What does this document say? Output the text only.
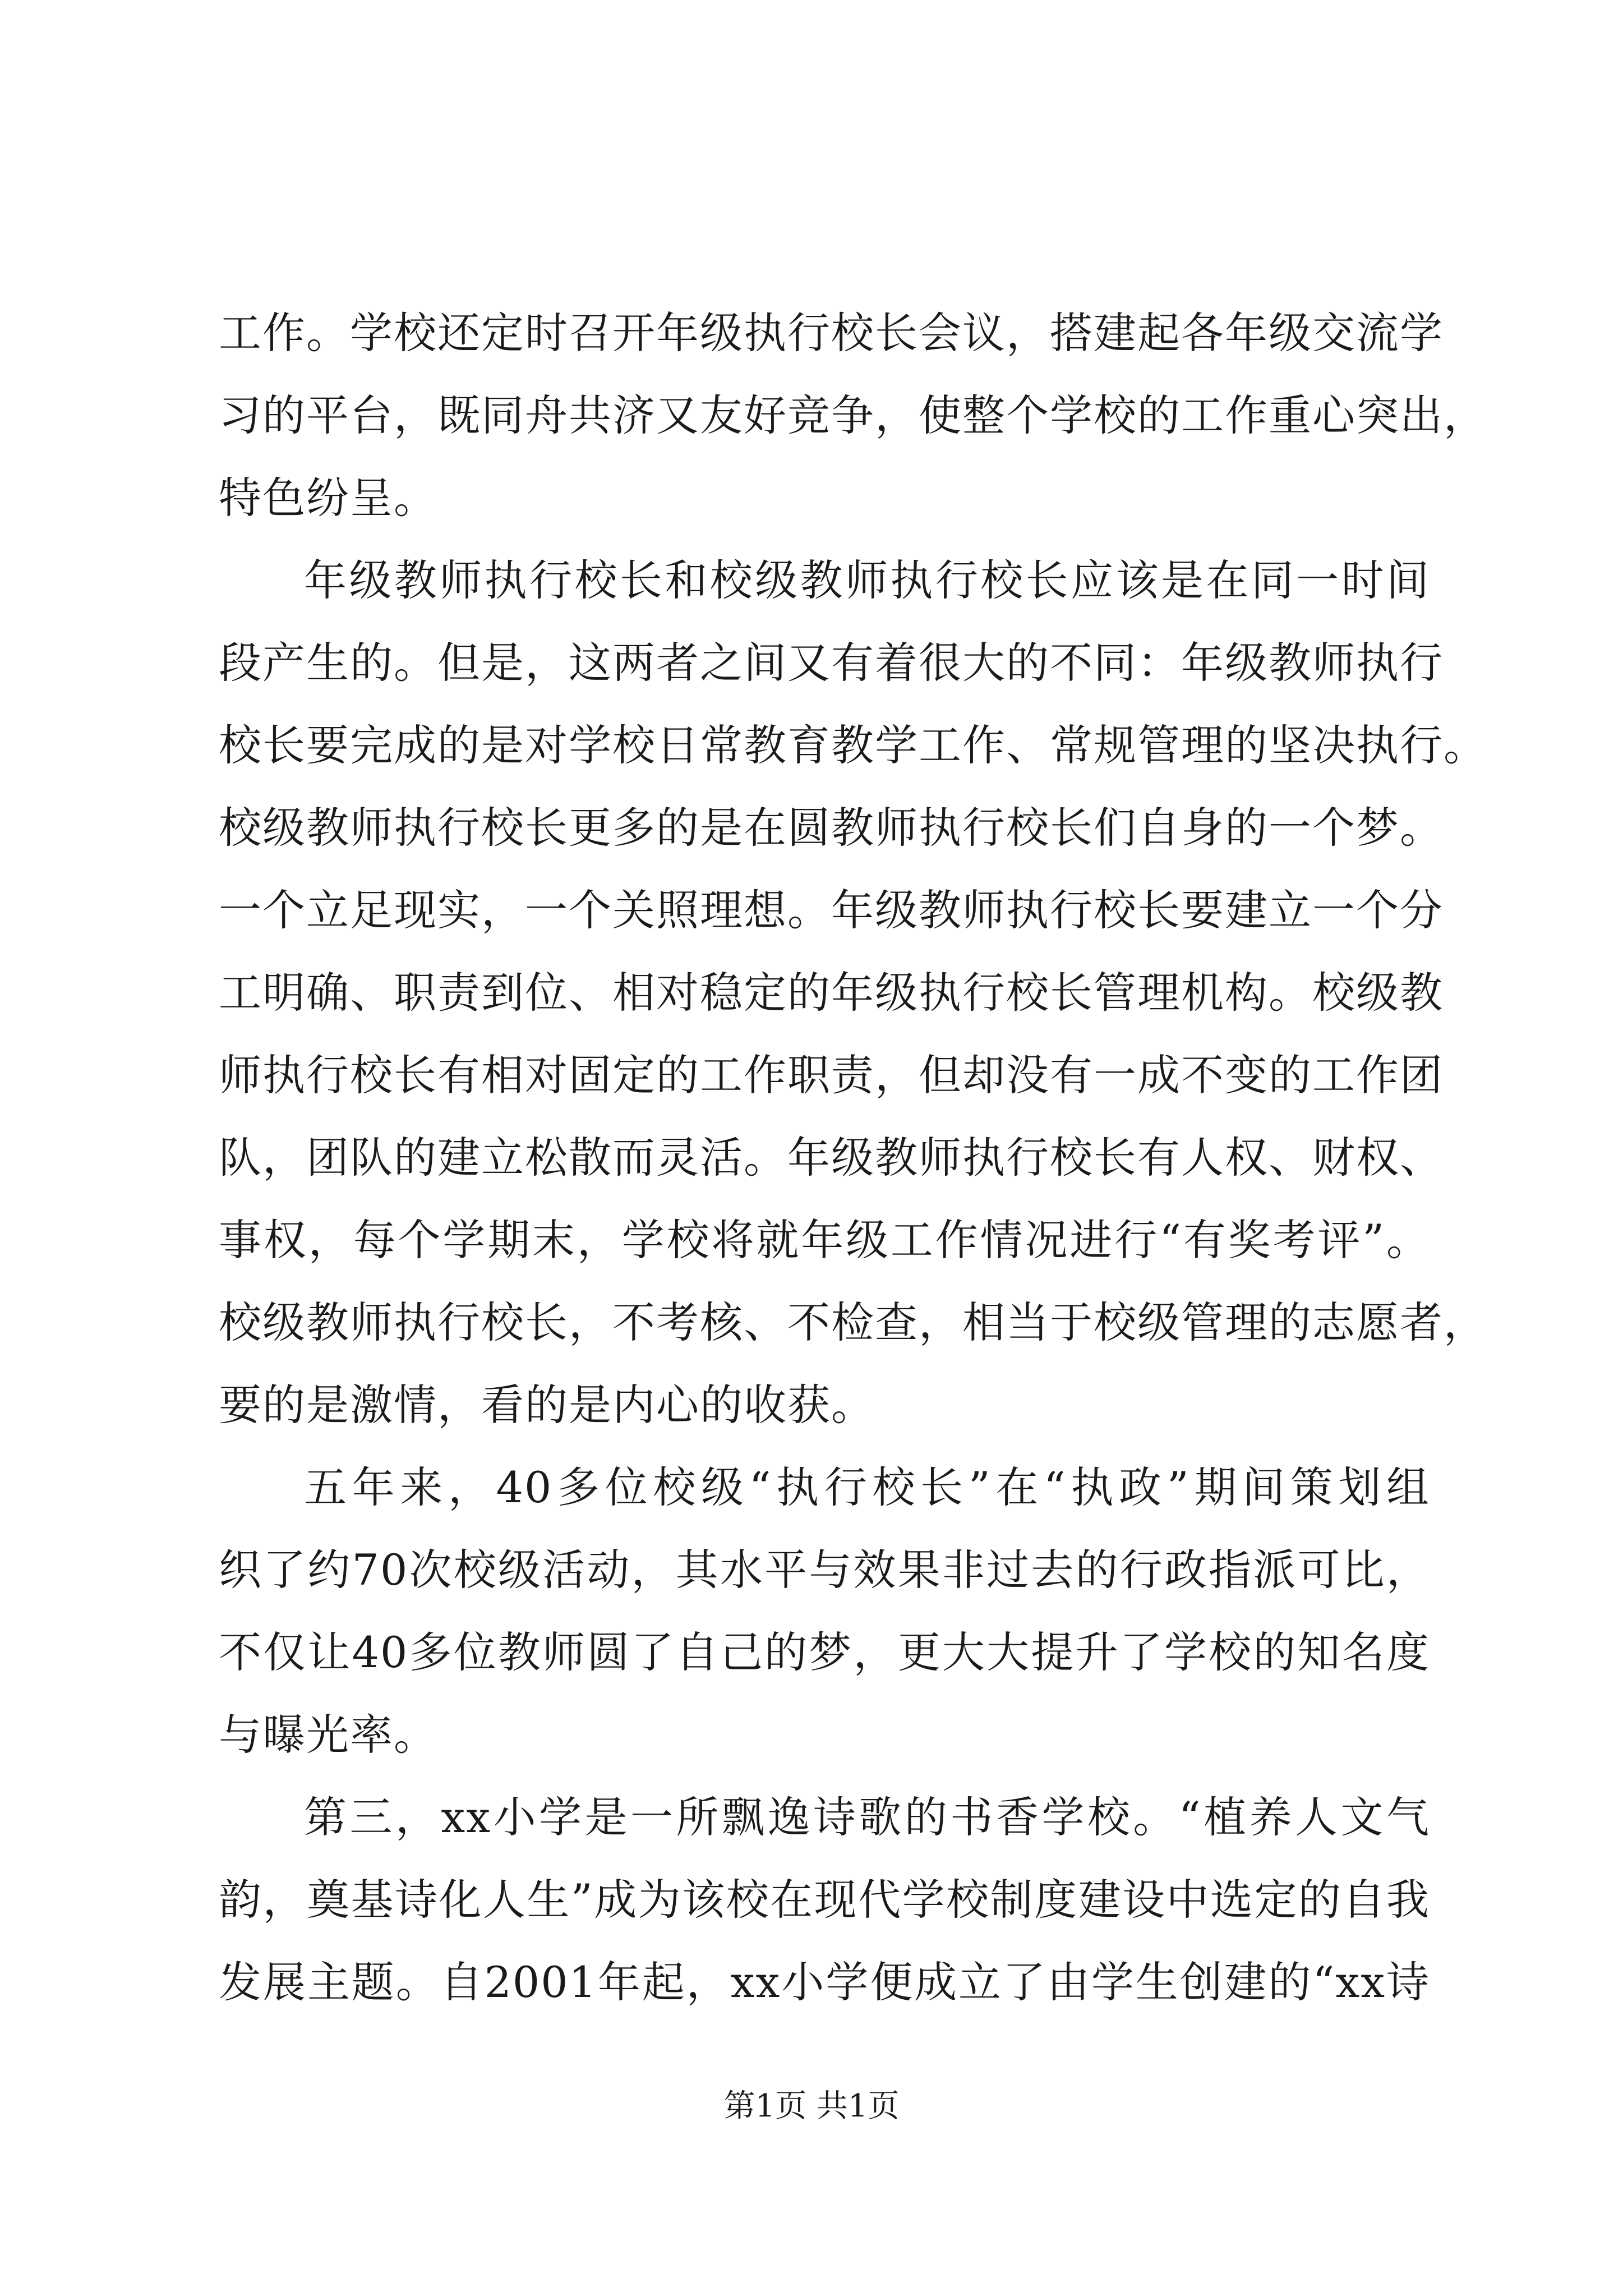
工作。学校还定时召开年级执行校长会议，搭建起各年级交流学
习的平台，既同舟共济又友好竞争，使整个学校的工作重心突出，
特色纷呈。
年级教师执行校长和校级教师执行校长应该是在同一时间
段产生的。但是，这两者之间又有着很大的不同：年级教师执行
校长要完成的是对学校日常教育教学工作、常规管理的坚决执行。
校级教师执行校长更多的是在圆教师执行校长们自身的一个梦。
一个立足现实，一个关照理想。年级教师执行校长要建立一个分
工明确、职责到位、相对稳定的年级执行校长管理机构。校级教
师执行校长有相对固定的工作职责，但却没有一成不变的工作团
队，团队的建立松散而灵活。年级教师执行校长有人权、财权、
事权，每个学期末，学校将就年级工作情况进行“有奖考评”。
校级教师执行校长，不考核、不检查，相当于校级管理的志愿者，
要的是激情，看的是内心的收获。
五年来，40多位校级“执行校长”在“执政”期间策划组
织了约70次校级活动，其水平与效果非过去的行政指派可比，
不仅让40多位教师圆了自己的梦，更大大提升了学校的知名度
与曝光率。
第三，xx小学是一所飘逸诗歌的书香学校。“植养人文气
韵，奠基诗化人生”成为该校在现代学校制度建设中选定的自我
发展主题。自2001年起，xx小学便成立了由学生创建的“xx诗
第1页 共1页
